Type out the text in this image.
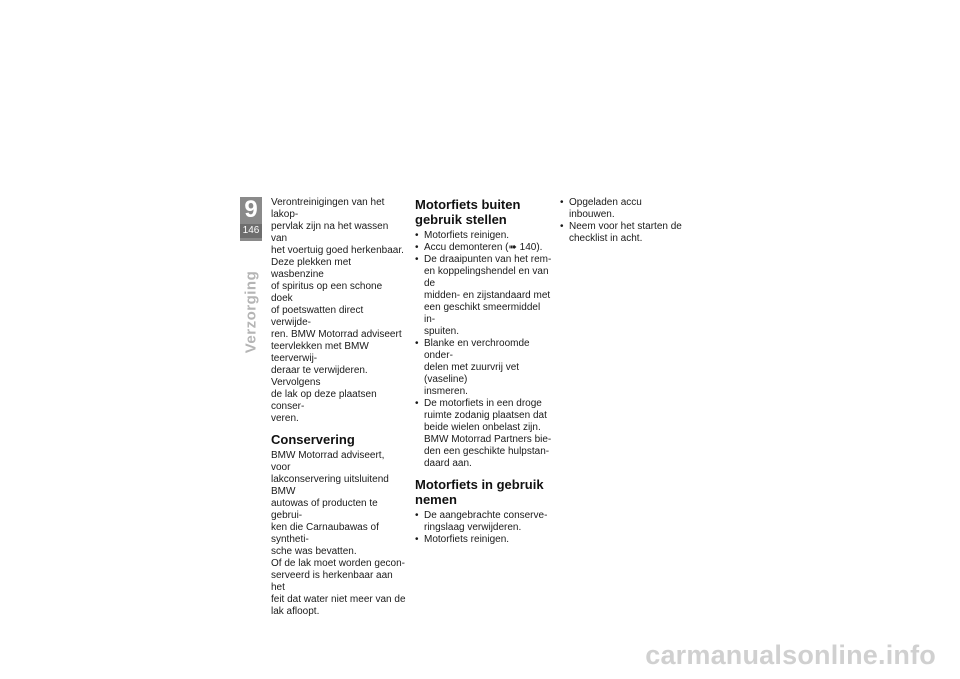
9
146
Verzorging

Verontreinigingen van het lakop-
pervlak zijn na het wassen van
het voertuig goed herkenbaar.
Deze plekken met wasbenzine
of spiritus op een schone doek
of poetswatten direct verwijde-
ren. BMW Motorrad adviseert
teervlekken met BMW teerverwij-
deraar te verwijderen. Vervolgens
de lak op deze plaatsen conser-
veren.

Conservering

BMW Motorrad adviseert, voor
lakconservering uitsluitend BMW
autowas of producten te gebrui-
ken die Carnaubawas of syntheti-
sche was bevatten.
Of de lak moet worden gecon-
serveerd is herkenbaar aan het
feit dat water niet meer van de
lak afloopt.

Motorfiets buiten
gebruik stellen
• Motorfiets reinigen.
• Accu demonteren (➠ 140).
• De draaipunten van het rem-
en koppelingshendel en van de
midden- en zijstandaard met
een geschikt smeermiddel in-
spuiten.
• Blanke en verchroomde onder-
delen met zuurvrij vet (vaseline)
insmeren.
• De motorfiets in een droge
ruimte zodanig plaatsen dat
beide wielen onbelast zijn.
BMW Motorrad Partners bie-
den een geschikte hulpstan-
daard aan.
Motorfiets in gebruik
nemen
• De aangebrachte conserve-
ringslaag verwijderen.
• Motorfiets reinigen.
• Opgeladen accu inbouwen.
• Neem voor het starten de
checklist in acht.
carmanualsonline.info
